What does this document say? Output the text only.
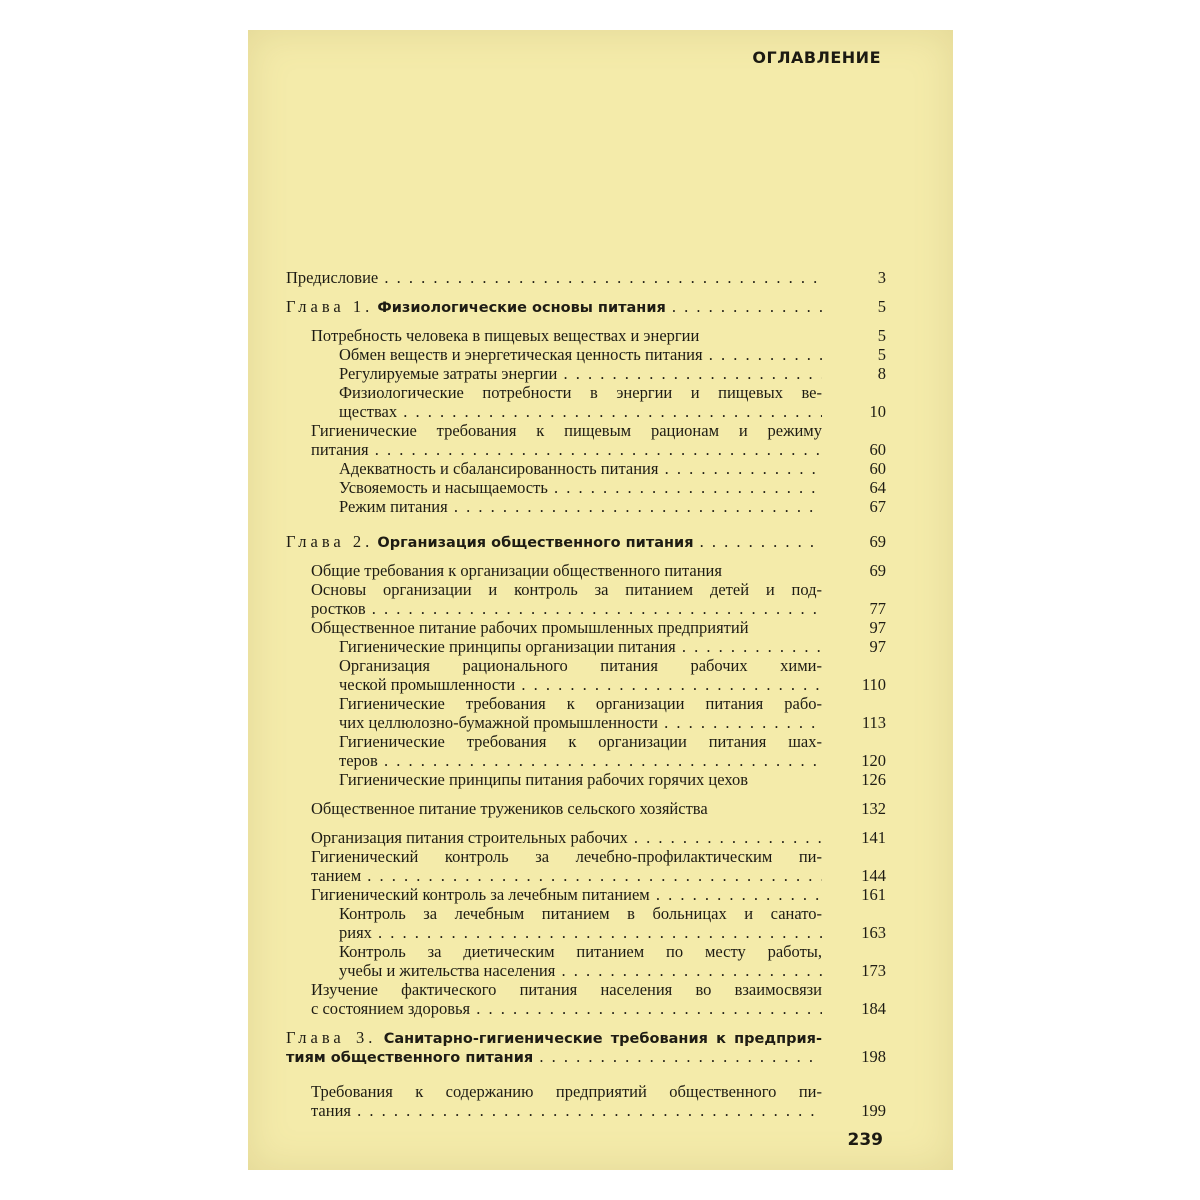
ОГЛАВЛЕНИЕ
Предисловие . . .	3
Глава 1. Физиологические основы питания . . .	5
Потребность человека в пищевых веществах и энергии	5
Обмен веществ и энергетическая ценность питания . . .	5
Регулируемые затраты энергии . . .	8
Физиологические потребности в энергии и пищевых ве-
ществах . . .	10
Гигиенические требования к пищевым рационам и режиму
питания . . .	60
Адекватность и сбалансированность питания . . .	60
Усвояемость и насыщаемость . . .	64
Режим питания . . .	67
Глава 2. Организация общественного питания . . .	69
Общие требования к организации общественного питания	69
Основы организации и контроль за питанием детей и под-
ростков . . .	77
Общественное питание рабочих промышленных предприятий	97
Гигиенические принципы организации питания . . .	97
Организация рационального питания рабочих хими-
ческой промышленности . . .	110
Гигиенические требования к организации питания рабо-
чих целлюлозно-бумажной промышленности . . .	113
Гигиенические требования к организации питания шах-
теров . . .	120
Гигиенические принципы питания рабочих горячих цехов	126
Общественное питание тружеников сельского хозяйства	132
Организация питания строительных рабочих . . .	141
Гигиенический контроль за лечебно-профилактическим пи-
танием . . .	144
Гигиенический контроль за лечебным питанием . . .	161
Контроль за лечебным питанием в больницах и санато-
риях . . .	163
Контроль за диетическим питанием по месту работы,
учебы и жительства населения . . .	173
Изучение фактического питания населения во взаимосвязи
с состоянием здоровья . . .	184
Глава 3. Санитарно-гигиенические требования к предприя-
тиям общественного питания . . .	198
Требования к содержанию предприятий общественного пи-
тания . . .	199
239
